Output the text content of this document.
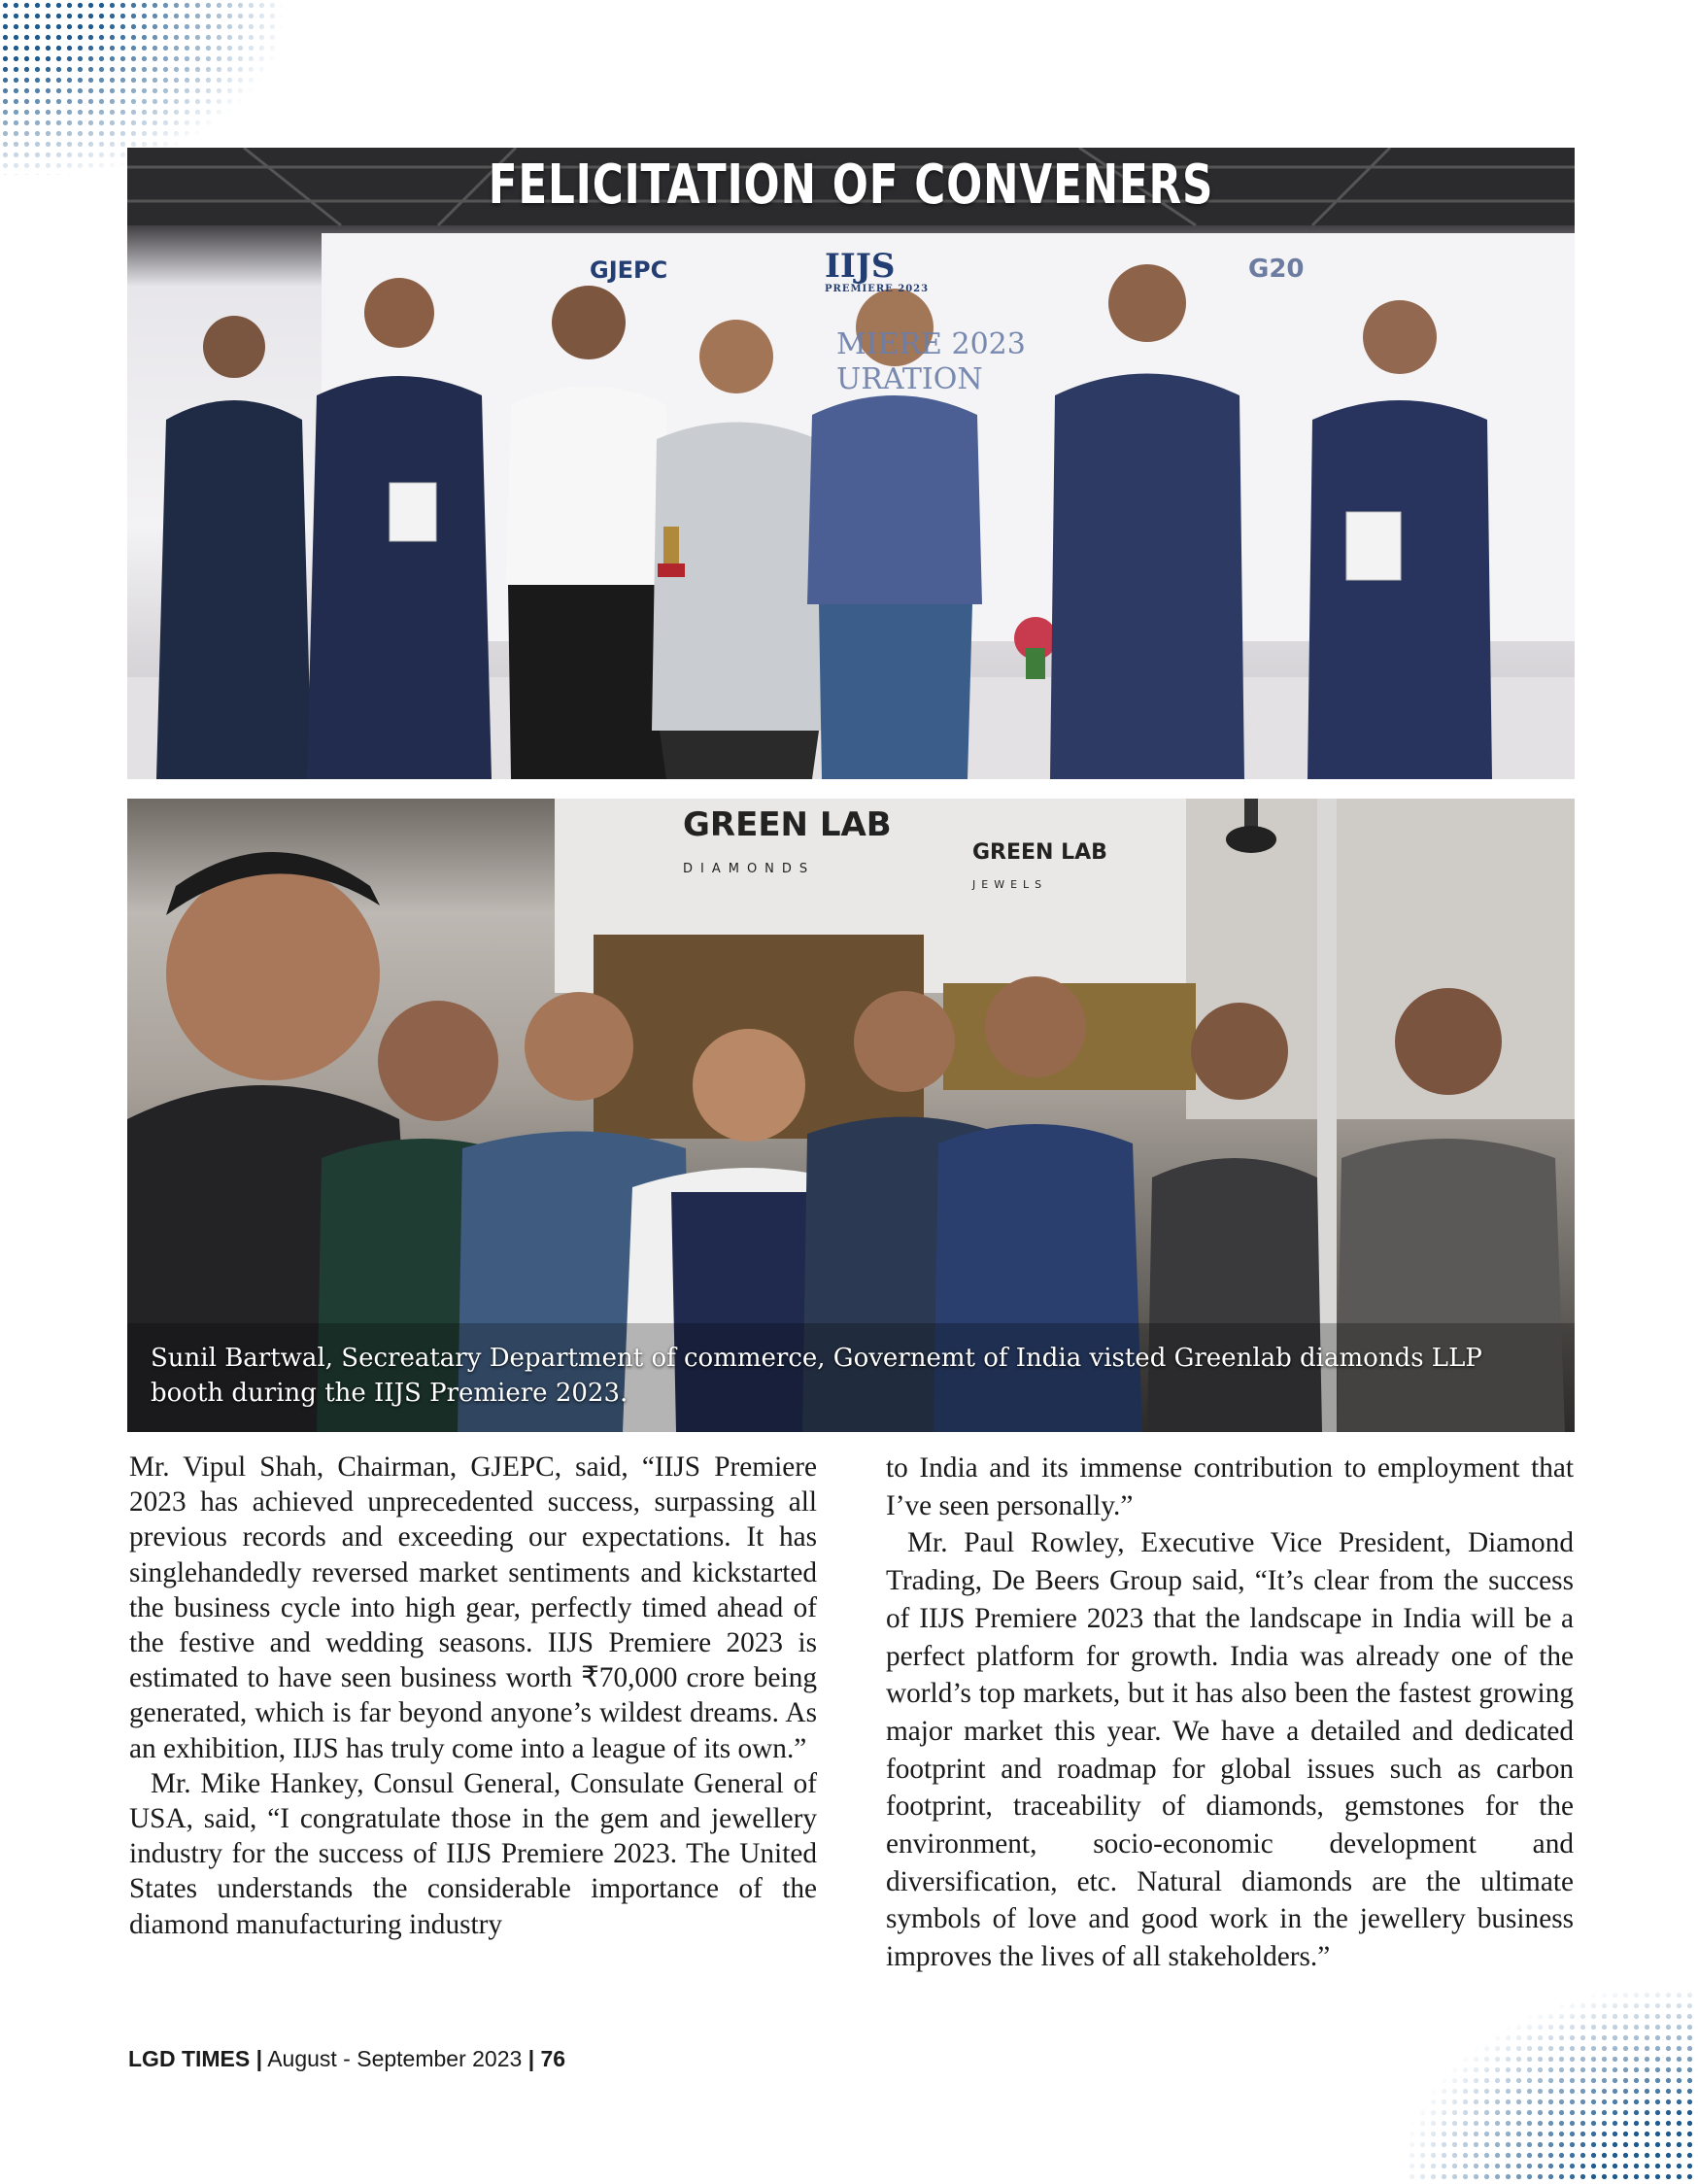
GJEPC	IIJS
PREMIERE 2023
G20
MIERE 2023
URATION
FELICITATION OF CONVENERS
GREEN LAB
DIAMONDS
GREEN LAB
JEWELS

Sunil Bartwal, Secreatary Department of commerce, Governemt of India visted Greenlab diamonds LLP booth during the IIJS Premiere 2023.

Mr. Vipul Shah, Chairman, GJEPC, said, “IIJS Premiere 2023 has achieved unprecedented success, surpassing all previous records and exceeding our expectations. It has singlehandedly reversed market sentiments and kickstarted the business cycle into high gear, perfectly timed ahead of the festive and wedding seasons. IIJS Premiere 2023 is estimated to have seen business worth ₹70,000 crore being generated, which is far beyond anyone’s wildest dreams. As an exhibition, IIJS has truly come into a league of its own.”

Mr. Mike Hankey, Consul General, Consulate General of USA, said, “I congratulate those in the gem and jewellery industry for the success of IIJS Premiere 2023. The United States understands the considerable importance of the diamond manufacturing industry

to India and its immense contribution to employment that I’ve seen personally.”

Mr. Paul Rowley, Executive Vice President, Diamond Trading, De Beers Group said, “It’s clear from the success of IIJS Premiere 2023 that the landscape in India will be a perfect platform for growth. India was already one of the world’s top markets, but it has also been the fastest growing major market this year. We have a detailed and dedicated footprint and roadmap for global issues such as carbon footprint, traceability of diamonds, gemstones for the environment, socio-economic development and diversification, etc. Natural diamonds are the ultimate symbols of love and good work in the jewellery business improves the lives of all stakeholders.”

LGD TIMES | August - September 2023 | 76
